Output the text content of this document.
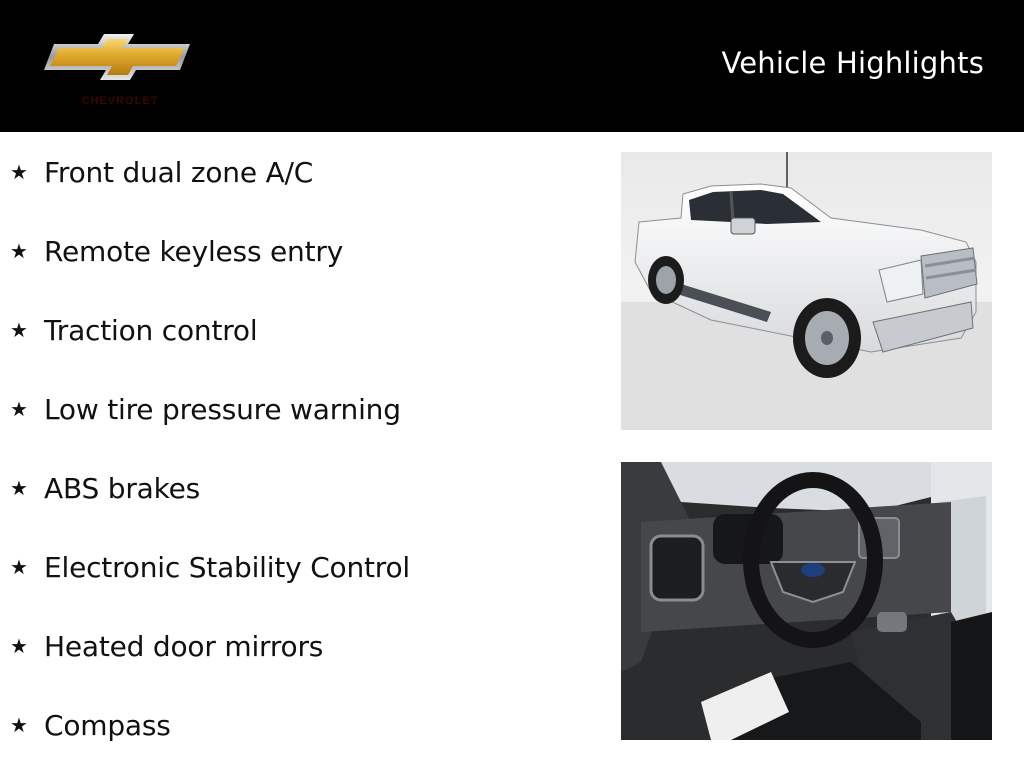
CHEVROLET
Vehicle Highlights
★ Front dual zone A/C
★ Remote keyless entry
★ Traction control
★ Low tire pressure warning
★ ABS brakes
★ Electronic Stability Control
★ Heated door mirrors
★ Compass
